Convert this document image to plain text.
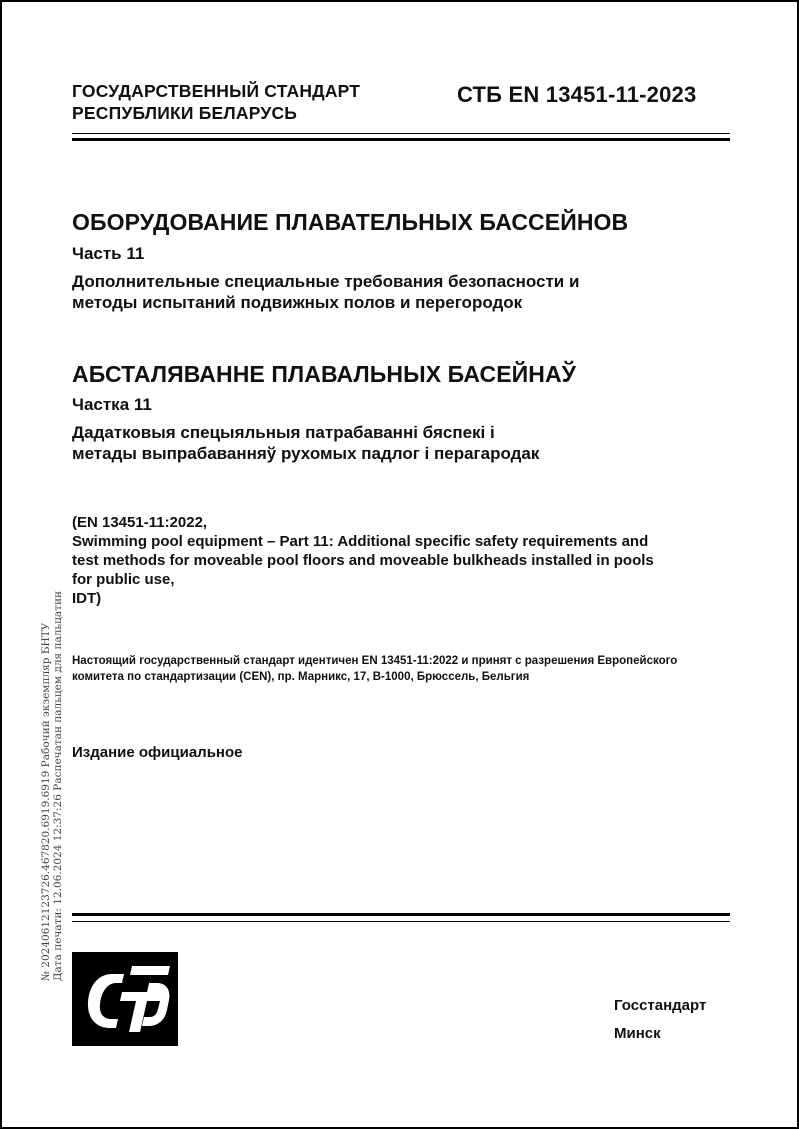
ГОСУДАРСТВЕННЫЙ СТАНДАРТ
РЕСПУБЛИКИ БЕЛАРУСЬ
СТБ EN 13451-11-2023
ОБОРУДОВАНИЕ ПЛАВАТЕЛЬНЫХ БАССЕЙНОВ
Часть 11
Дополнительные специальные требования безопасности и
методы испытаний подвижных полов и перегородок
АБСТАЛЯВАННЕ ПЛАВАЛЬНЫХ БАСЕЙНАЎ
Частка 11
Дадатковыя спецыяльныя патрабаванні бяспекі і
метады выпрабаванняў рухомых падлог і перагародак
(EN 13451-11:2022,
Swimming pool equipment – Part 11: Additional specific safety requirements and
test methods for moveable pool floors and moveable bulkheads installed in pools
for public use,
IDT)
Настоящий государственный стандарт идентичен EN 13451-11:2022 и принят с разрешения Европейского
комитета по стандартизации (CEN), пр. Марникс, 17, B-1000, Брюссель, Бельгия
Издание официальное
№ 20240612123726.467820.6919.6919 Рабочий экземпляр БНТУ Дата печати: 12.06.2024 12:37:26 Распечатан пальцем для пальцатин
Госстандарт
Минск
